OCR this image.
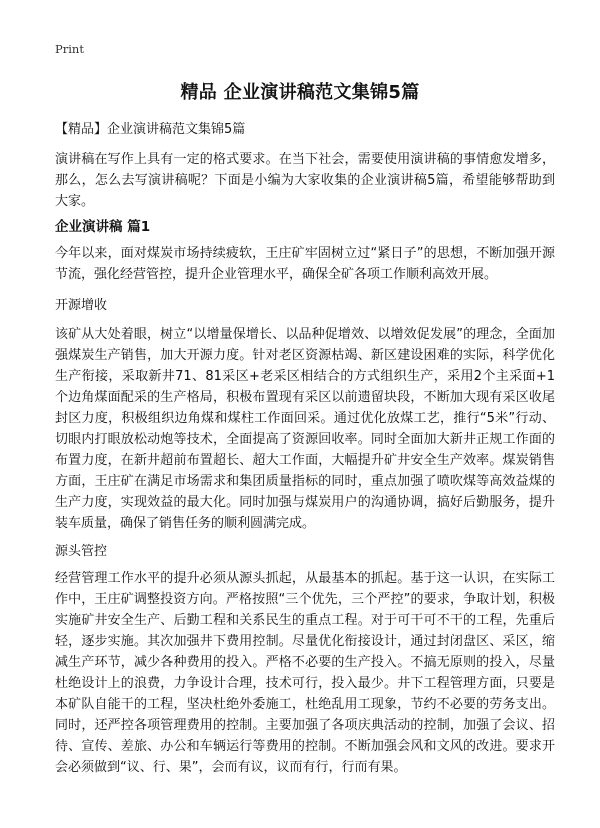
Print
精品 企业演讲稿范文集锦5篇
【精品】企业演讲稿范文集锦5篇
演讲稿在写作上具有一定的格式要求。在当下社会，需要使用演讲稿的事情愈发增多，那么，怎么去写演讲稿呢？下面是小编为大家收集的企业演讲稿5篇，希望能够帮助到大家。
企业演讲稿 篇1
今年以来，面对煤炭市场持续疲软，王庄矿牢固树立过“紧日子”的思想，不断加强开源节流，强化经营管控，提升企业管理水平，确保全矿各项工作顺利高效开展。
开源增收
该矿从大处着眼，树立“以增量保增长、以品种促增效、以增效促发展”的理念，全面加强煤炭生产销售，加大开源力度。针对老区资源枯竭、新区建设困难的实际，科学优化生产衔接，采取新井71、81采区+老采区相结合的方式组织生产，采用2个主采面+1个边角煤面配采的生产格局，积极布置现有采区以前遗留块段，不断加大现有采区收尾封区力度，积极组织边角煤和煤柱工作面回采。通过优化放煤工艺，推行“5米”行动、切眼内打眼放松动炮等技术，全面提高了资源回收率。同时全面加大新井正规工作面的布置力度，在新井超前布置超长、超大工作面，大幅提升矿井安全生产效率。煤炭销售方面，王庄矿在满足市场需求和集团质量指标的同时，重点加强了喷吹煤等高效益煤的生产力度，实现效益的最大化。同时加强与煤炭用户的沟通协调，搞好后勤服务，提升装车质量，确保了销售任务的顺利圆满完成。
源头管控
经营管理工作水平的提升必须从源头抓起，从最基本的抓起。基于这一认识，在实际工作中，王庄矿调整投资方向。严格按照“三个优先，三个严控”的要求，争取计划，积极实施矿井安全生产、后勤工程和关系民生的重点工程。对于可干可不干的工程，先重后轻，逐步实施。其次加强井下费用控制。尽量优化衔接设计，通过封闭盘区、采区，缩减生产环节，减少各种费用的投入。严格不必要的生产投入。不搞无原则的投入，尽量杜绝设计上的浪费，力争设计合理，技术可行，投入最少。井下工程管理方面，只要是本矿队自能干的工程，坚决杜绝外委施工，杜绝乱用工现象，节约不必要的劳务支出。同时，还严控各项管理费用的控制。主要加强了各项庆典活动的控制，加强了会议、招待、宣传、差旅、办公和车辆运行等费用的控制。不断加强会风和文风的改进。要求开会必须做到“议、行、果”，会而有议，议而有行，行而有果。
